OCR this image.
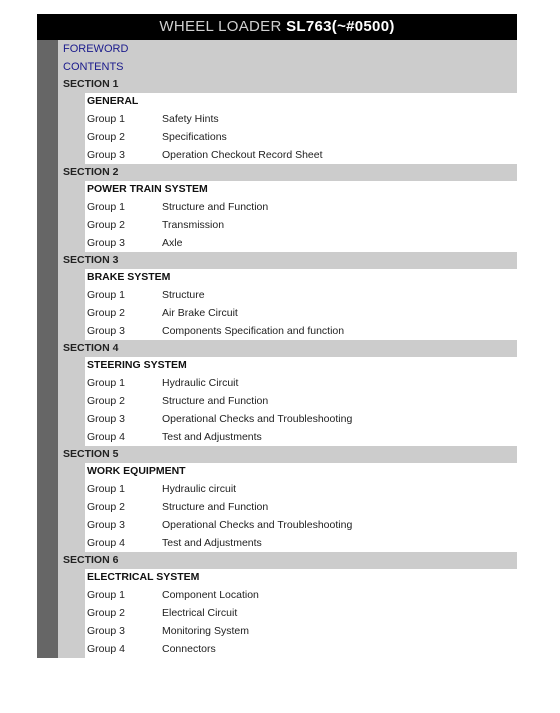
WHEEL LOADER SL763(~#0500)
FOREWORD
CONTENTS
SECTION 1
GENERAL
Group 1	Safety Hints
Group 2	Specifications
Group 3	Operation Checkout Record Sheet
SECTION 2
POWER TRAIN SYSTEM
Group 1	Structure and Function
Group 2	Transmission
Group 3	Axle
SECTION 3
BRAKE SYSTEM
Group 1	Structure
Group 2	Air Brake Circuit
Group 3	Components Specification and function
SECTION 4
STEERING SYSTEM
Group 1	Hydraulic Circuit
Group 2	Structure and Function
Group 3	Operational Checks and Troubleshooting
Group 4	Test and Adjustments
SECTION 5
WORK EQUIPMENT
Group 1	Hydraulic circuit
Group 2	Structure and Function
Group 3	Operational Checks and Troubleshooting
Group 4	Test and Adjustments
SECTION 6
ELECTRICAL SYSTEM
Group 1	Component Location
Group 2	Electrical Circuit
Group 3	Monitoring System
Group 4	Connectors
